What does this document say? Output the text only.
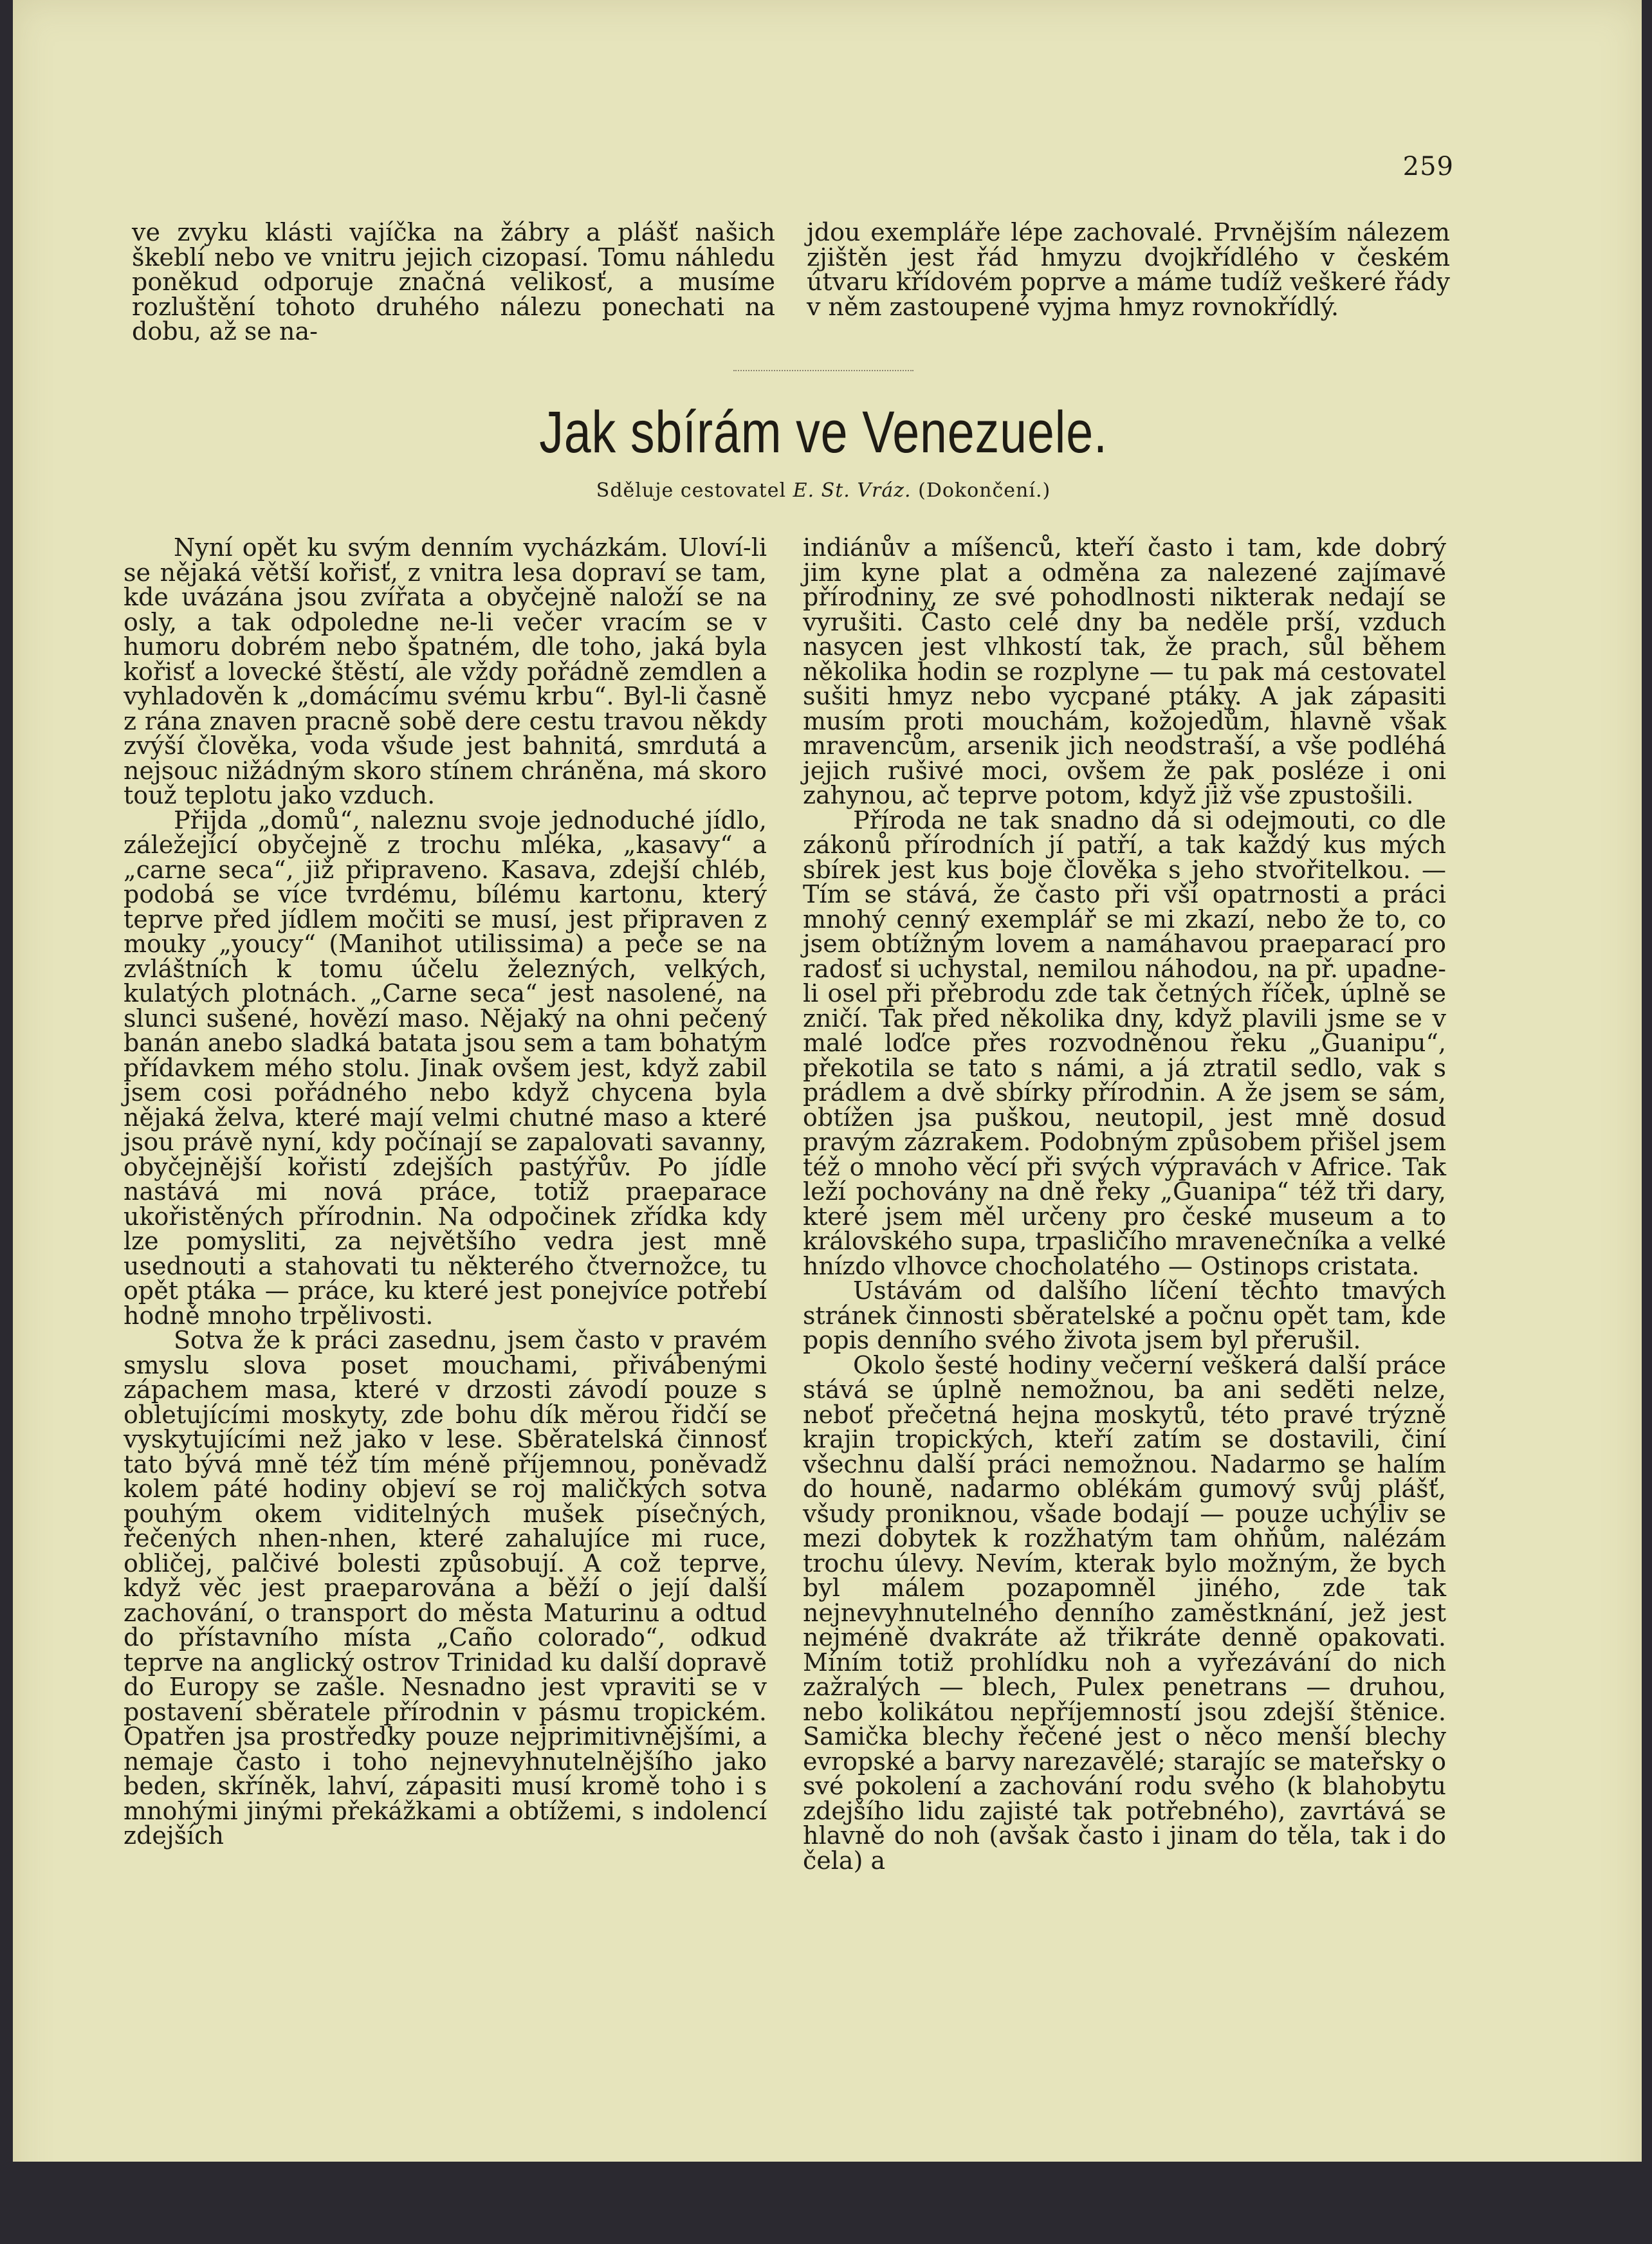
259

ve zvyku klásti vajíčka na žábry a plášť našich škeblí nebo ve vnitru jejich cizopasí. Tomu náhledu poněkud odporuje značná velikosť, a musíme rozluštění tohoto druhého nálezu ponechati na dobu, až se na-

jdou exempláře lépe zachovalé. Prvnějším nálezem zjištěn jest řád hmyzu dvojkřídlého v českém útvaru křídovém poprve a máme tudíž veškeré řády v něm zastoupené vyjma hmyz rovnokřídlý.

Jak sbírám ve Venezuele.
Sděluje cestovatel E. St. Vráz. (Dokončení.)

Nyní opět ku svým denním vycházkám. Uloví-li se nějaká větší kořisť, z vnitra lesa dopraví se tam, kde uvázána jsou zvířata a obyčejně naloží se na osly, a tak odpoledne ne-li večer vracím se v humoru dobrém nebo špatném, dle toho, jaká byla kořisť a lovecké štěstí, ale vždy pořádně zemdlen a vyhladověn k „domácímu svému krbu“. Byl-li časně z rána znaven pracně sobě dere cestu travou někdy zvýší člověka, voda všude jest bahnitá, smrdutá a nejsouc nižádným skoro stínem chráněna, má skoro touž teplotu jako vzduch.

Přijda „domů“, naleznu svoje jednoduché jídlo, záležející obyčejně z trochu mléka, „kasavy“ a „carne seca“, již připraveno. Kasava, zdejší chléb, podobá se více tvrdému, bílému kartonu, který teprve před jídlem močiti se musí, jest připraven z mouky „youcy“ (Manihot utilissima) a peče se na zvláštních k tomu účelu železných, velkých, kulatých plotnách. „Carne seca“ jest nasolené, na slunci sušené, hovězí maso. Nějaký na ohni pečený banán anebo sladká batata jsou sem a tam bohatým přídavkem mého stolu. Jinak ovšem jest, když zabil jsem cosi pořádného nebo když chycena byla nějaká želva, které mají velmi chutné maso a které jsou právě nyní, kdy počínají se zapalovati savanny, obyčejnější kořistí zdejších pastýřův. Po jídle nastává mi nová práce, totiž praeparace ukořistěných přírodnin. Na odpočinek zřídka kdy lze pomysliti, za největšího vedra jest mně usednouti a stahovati tu některého čtvernožce, tu opět ptáka — práce, ku které jest ponejvíce potřebí hodně mnoho trpělivosti.

Sotva že k práci zasednu, jsem často v pravém smyslu slova poset mouchami, přivábenými zápachem masa, které v drzosti závodí pouze s obletujícími moskyty, zde bohu dík měrou řidčí se vyskytujícími než jako v lese. Sběratelská činnosť tato bývá mně též tím méně příjemnou, poněvadž kolem páté hodiny objeví se roj maličkých sotva pouhým okem viditelných mušek písečných, řečených nhen-nhen, které zahalujíce mi ruce, obličej, palčivé bolesti způsobují. A což teprve, když věc jest praeparována a běží o její další zachování, o transport do města Maturinu a odtud do přístavního místa „Caño colorado“, odkud teprve na anglický ostrov Trinidad ku další dopravě do Europy se zašle. Nesnadno jest vpraviti se v postavení sběratele přírodnin v pásmu tropickém. Opatřen jsa prostředky pouze nejprimitivnějšími, a nemaje často i toho nejnevyhnutelnějšího jako beden, skříněk, lahví, zápasiti musí kromě toho i s mnohými jinými překážkami a obtížemi, s indolencí zdejších

indiánův a míšenců, kteří často i tam, kde dobrý jim kyne plat a odměna za nalezené zajímavé přírodniny, ze své pohodlnosti nikterak nedají se vyrušiti. Často celé dny ba neděle prší, vzduch nasycen jest vlhkostí tak, že prach, sůl během několika hodin se rozplyne — tu pak má cestovatel sušiti hmyz nebo vycpané ptáky. A jak zápasiti musím proti mouchám, kožojedům, hlavně však mravencům, arsenik jich neodstraší, a vše podléhá jejich rušivé moci, ovšem že pak posléze i oni zahynou, ač teprve potom, když již vše zpustošili.

Příroda ne tak snadno dá si odejmouti, co dle zákonů přírodních jí patří, a tak každý kus mých sbírek jest kus boje člověka s jeho stvořitelkou. — Tím se stává, že často při vší opatrnosti a práci mnohý cenný exemplář se mi zkazí, nebo že to, co jsem obtížným lovem a namáhavou praeparací pro radosť si uchystal, nemilou náhodou, na př. upadne-li osel při přebrodu zde tak četných říček, úplně se zničí. Tak před několika dny, když plavili jsme se v malé loďce přes rozvodněnou řeku „Guanipu“, překotila se tato s námi, a já ztratil sedlo, vak s prádlem a dvě sbírky přírodnin. A že jsem se sám, obtížen jsa puškou, neutopil, jest mně dosud pravým zázrakem. Podobným způsobem přišel jsem též o mnoho věcí při svých výpravách v Africe. Tak leží pochovány na dně řeky „Guanipa“ též tři dary, které jsem měl určeny pro české museum a to královského supa, trpasličího mravenečníka a velké hnízdo vlhovce chocholatého — Ostinops cristata.

Ustávám od dalšího líčení těchto tmavých stránek činnosti sběratelské a počnu opět tam, kde popis denního svého života jsem byl přerušil.

Okolo šesté hodiny večerní veškerá další práce stává se úplně nemožnou, ba ani sedĕti nelze, neboť přečetná hejna moskytů, této pravé trýzně krajin tropických, kteří zatím se dostavili, činí všechnu další práci nemožnou. Nadarmo se halím do houně, nadarmo oblékám gumový svůj plášť, všudy proniknou, všade bodají — pouze uchýliv se mezi dobytek k rozžhatým tam ohňům, nalézám trochu úlevy. Nevím, kterak bylo možným, že bych byl málem pozapomněl jiného, zde tak nejnevyhnutelného denního zaměstknání, jež jest nejméně dvakráte až třikráte denně opakovati. Míním totiž prohlídku noh a vyřezávání do nich zažralých — blech, Pulex penetrans — druhou, nebo kolikátou nepříjemností jsou zdejší štěnice. Samička blechy řečené jest o něco menší blechy evropské a barvy narezavělé; starajíc se mateřsky o své pokolení a zachování rodu svého (k blahobytu zdejšího lidu zajisté tak potřebného), zavrtává se hlavně do noh (avšak často i jinam do těla, tak i do čela) a
